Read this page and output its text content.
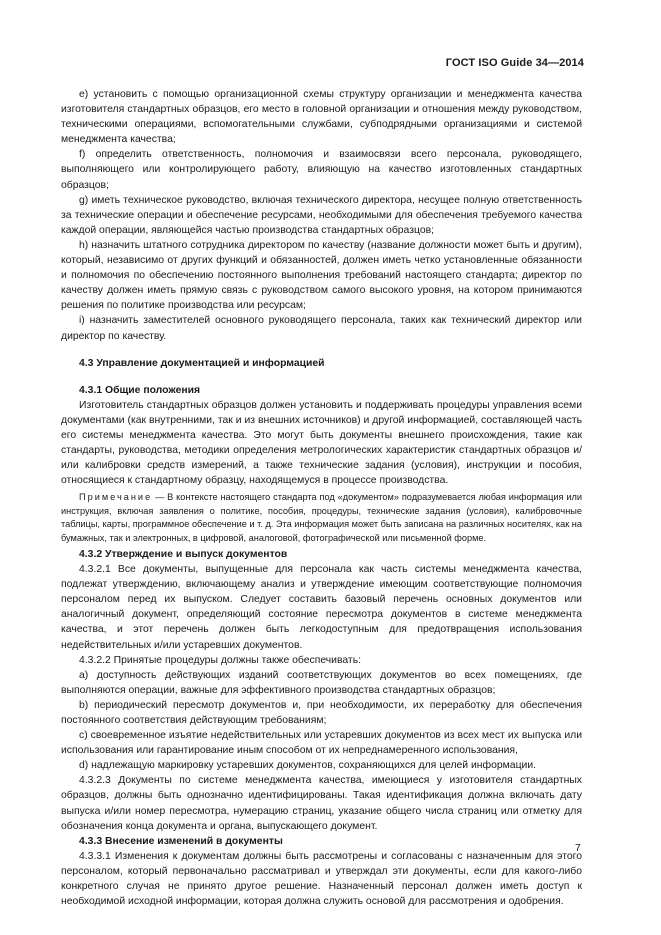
ГОСТ ISO Guide 34—2014

e) установить с помощью организационной схемы структуру организации и менеджмента качества изготовителя стандартных образцов, его место в головной организации и отношения между руководством, техническими операциями, вспомогательными службами, субподрядными организациями и системой менеджмента качества;

f) определить ответственность, полномочия и взаимосвязи всего персонала, руководящего, выполняющего или контролирующего работу, влияющую на качество изготовленных стандартных образцов;

g) иметь техническое руководство, включая технического директора, несущее полную ответственность за технические операции и обеспечение ресурсами, необходимыми для обеспечения требуемого качества каждой операции, являющейся частью производства стандартных образцов;

h) назначить штатного сотрудника директором по качеству (название должности может быть и другим), который, независимо от других функций и обязанностей, должен иметь четко установленные обязанности и полномочия по обеспечению постоянного выполнения требований настоящего стандарта; директор по качеству должен иметь прямую связь с руководством самого высокого уровня, на котором принимаются решения по политике производства или ресурсам;

i) назначить заместителей основного руководящего персонала, таких как технический директор или директор по качеству.

4.3 Управление документацией и информацией
4.3.1 Общие положения

Изготовитель стандартных образцов должен установить и поддерживать процедуры управления всеми документами (как внутренними, так и из внешних источников) и другой информацией, составляющей часть его системы менеджмента качества. Это могут быть документы внешнего происхождения, такие как стандарты, руководства, методики определения метрологических характеристик стандартных образцов и/или калибровки средств измерений, а также технические задания (условия), инструкции и пособия, относящиеся к стандартному образцу, находящемуся в процессе производства.

Примечание — В контексте настоящего стандарта под «документом» подразумевается любая информация или инструкция, включая заявления о политике, пособия, процедуры, технические задания (условия), калибровочные таблицы, карты, программное обеспечение и т. д. Эта информация может быть записана на различных носителях, как на бумажных, так и электронных, в цифровой, аналоговой, фотографической или письменной форме.

4.3.2 Утверждение и выпуск документов

4.3.2.1 Все документы, выпущенные для персонала как часть системы менеджмента качества, подлежат утверждению, включающему анализ и утверждение имеющим соответствующие полномочия персоналом перед их выпуском. Следует составить базовый перечень основных документов или аналогичный документ, определяющий состояние пересмотра документов в системе менеджмента качества, и этот перечень должен быть легкодоступным для предотвращения использования недействительных и/или устаревших документов.

4.3.2.2 Принятые процедуры должны также обеспечивать:

a) доступность действующих изданий соответствующих документов во всех помещениях, где выполняются операции, важные для эффективного производства стандартных образцов;

b) периодический пересмотр документов и, при необходимости, их переработку для обеспечения постоянного соответствия действующим требованиям;

c) своевременное изъятие недействительных или устаревших документов из всех мест их выпуска или использования или гарантирование иным способом от их непреднамеренного использования,

d) надлежащую маркировку устаревших документов, сохраняющихся для целей информации.

4.3.2.3 Документы по системе менеджмента качества, имеющиеся у изготовителя стандартных образцов, должны быть однозначно идентифицированы. Такая идентификация должна включать дату выпуска и/или номер пересмотра, нумерацию страниц, указание общего числа страниц или отметку для обозначения конца документа и органа, выпускающего документ.

4.3.3 Внесение изменений в документы

4.3.3.1 Изменения к документам должны быть рассмотрены и согласованы с назначенным для этого персоналом, который первоначально рассматривал и утверждал эти документы, если для какого-либо конкретного случая не принято другое решение. Назначенный персонал должен иметь доступ к необходимой исходной информации, которая должна служить основой для рассмотрения и одобрения.

7
